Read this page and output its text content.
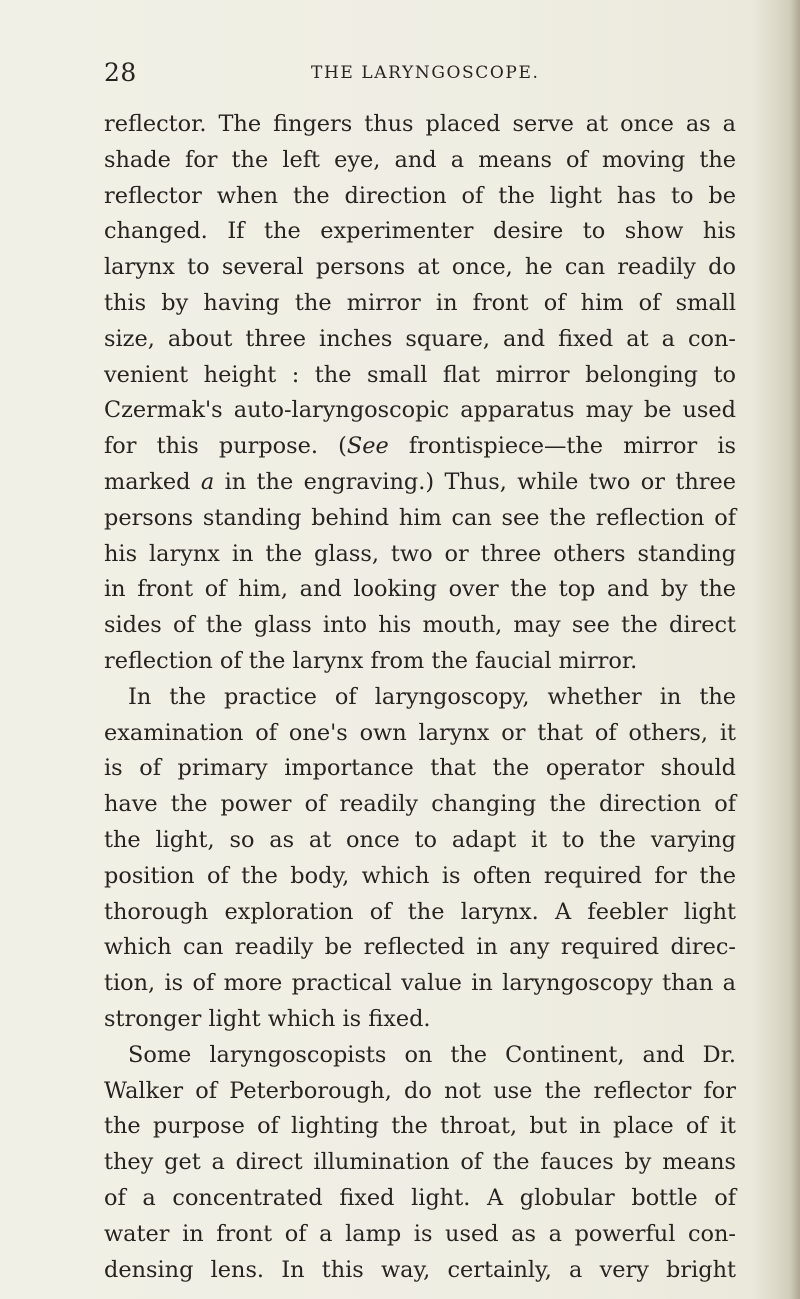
28	THE LARYNGOSCOPE.
reflector. The fingers thus placed serve at once as a
shade for the left eye, and a means of moving the
reflector when the direction of the light has to be
changed. If the experimenter desire to show his
larynx to several persons at once, he can readily do
this by having the mirror in front of him of small
size, about three inches square, and fixed at a con-
venient height : the small flat mirror belonging to
Czermak's auto-laryngoscopic apparatus may be used
for this purpose. (See frontispiece—the mirror is
marked a in the engraving.) Thus, while two or three
persons standing behind him can see the reflection of
his larynx in the glass, two or three others standing
in front of him, and looking over the top and by the
sides of the glass into his mouth, may see the direct
reflection of the larynx from the faucial mirror.
In the practice of laryngoscopy, whether in the
examination of one's own larynx or that of others, it
is of primary importance that the operator should
have the power of readily changing the direction of
the light, so as at once to adapt it to the varying
position of the body, which is often required for the
thorough exploration of the larynx. A feebler light
which can readily be reflected in any required direc-
tion, is of more practical value in laryngoscopy than a
stronger light which is fixed.
Some laryngoscopists on the Continent, and Dr.
Walker of Peterborough, do not use the reflector for
the purpose of lighting the throat, but in place of it
they get a direct illumination of the fauces by means
of a concentrated fixed light. A globular bottle of
water in front of a lamp is used as a powerful con-
densing lens. In this way, certainly, a very bright
